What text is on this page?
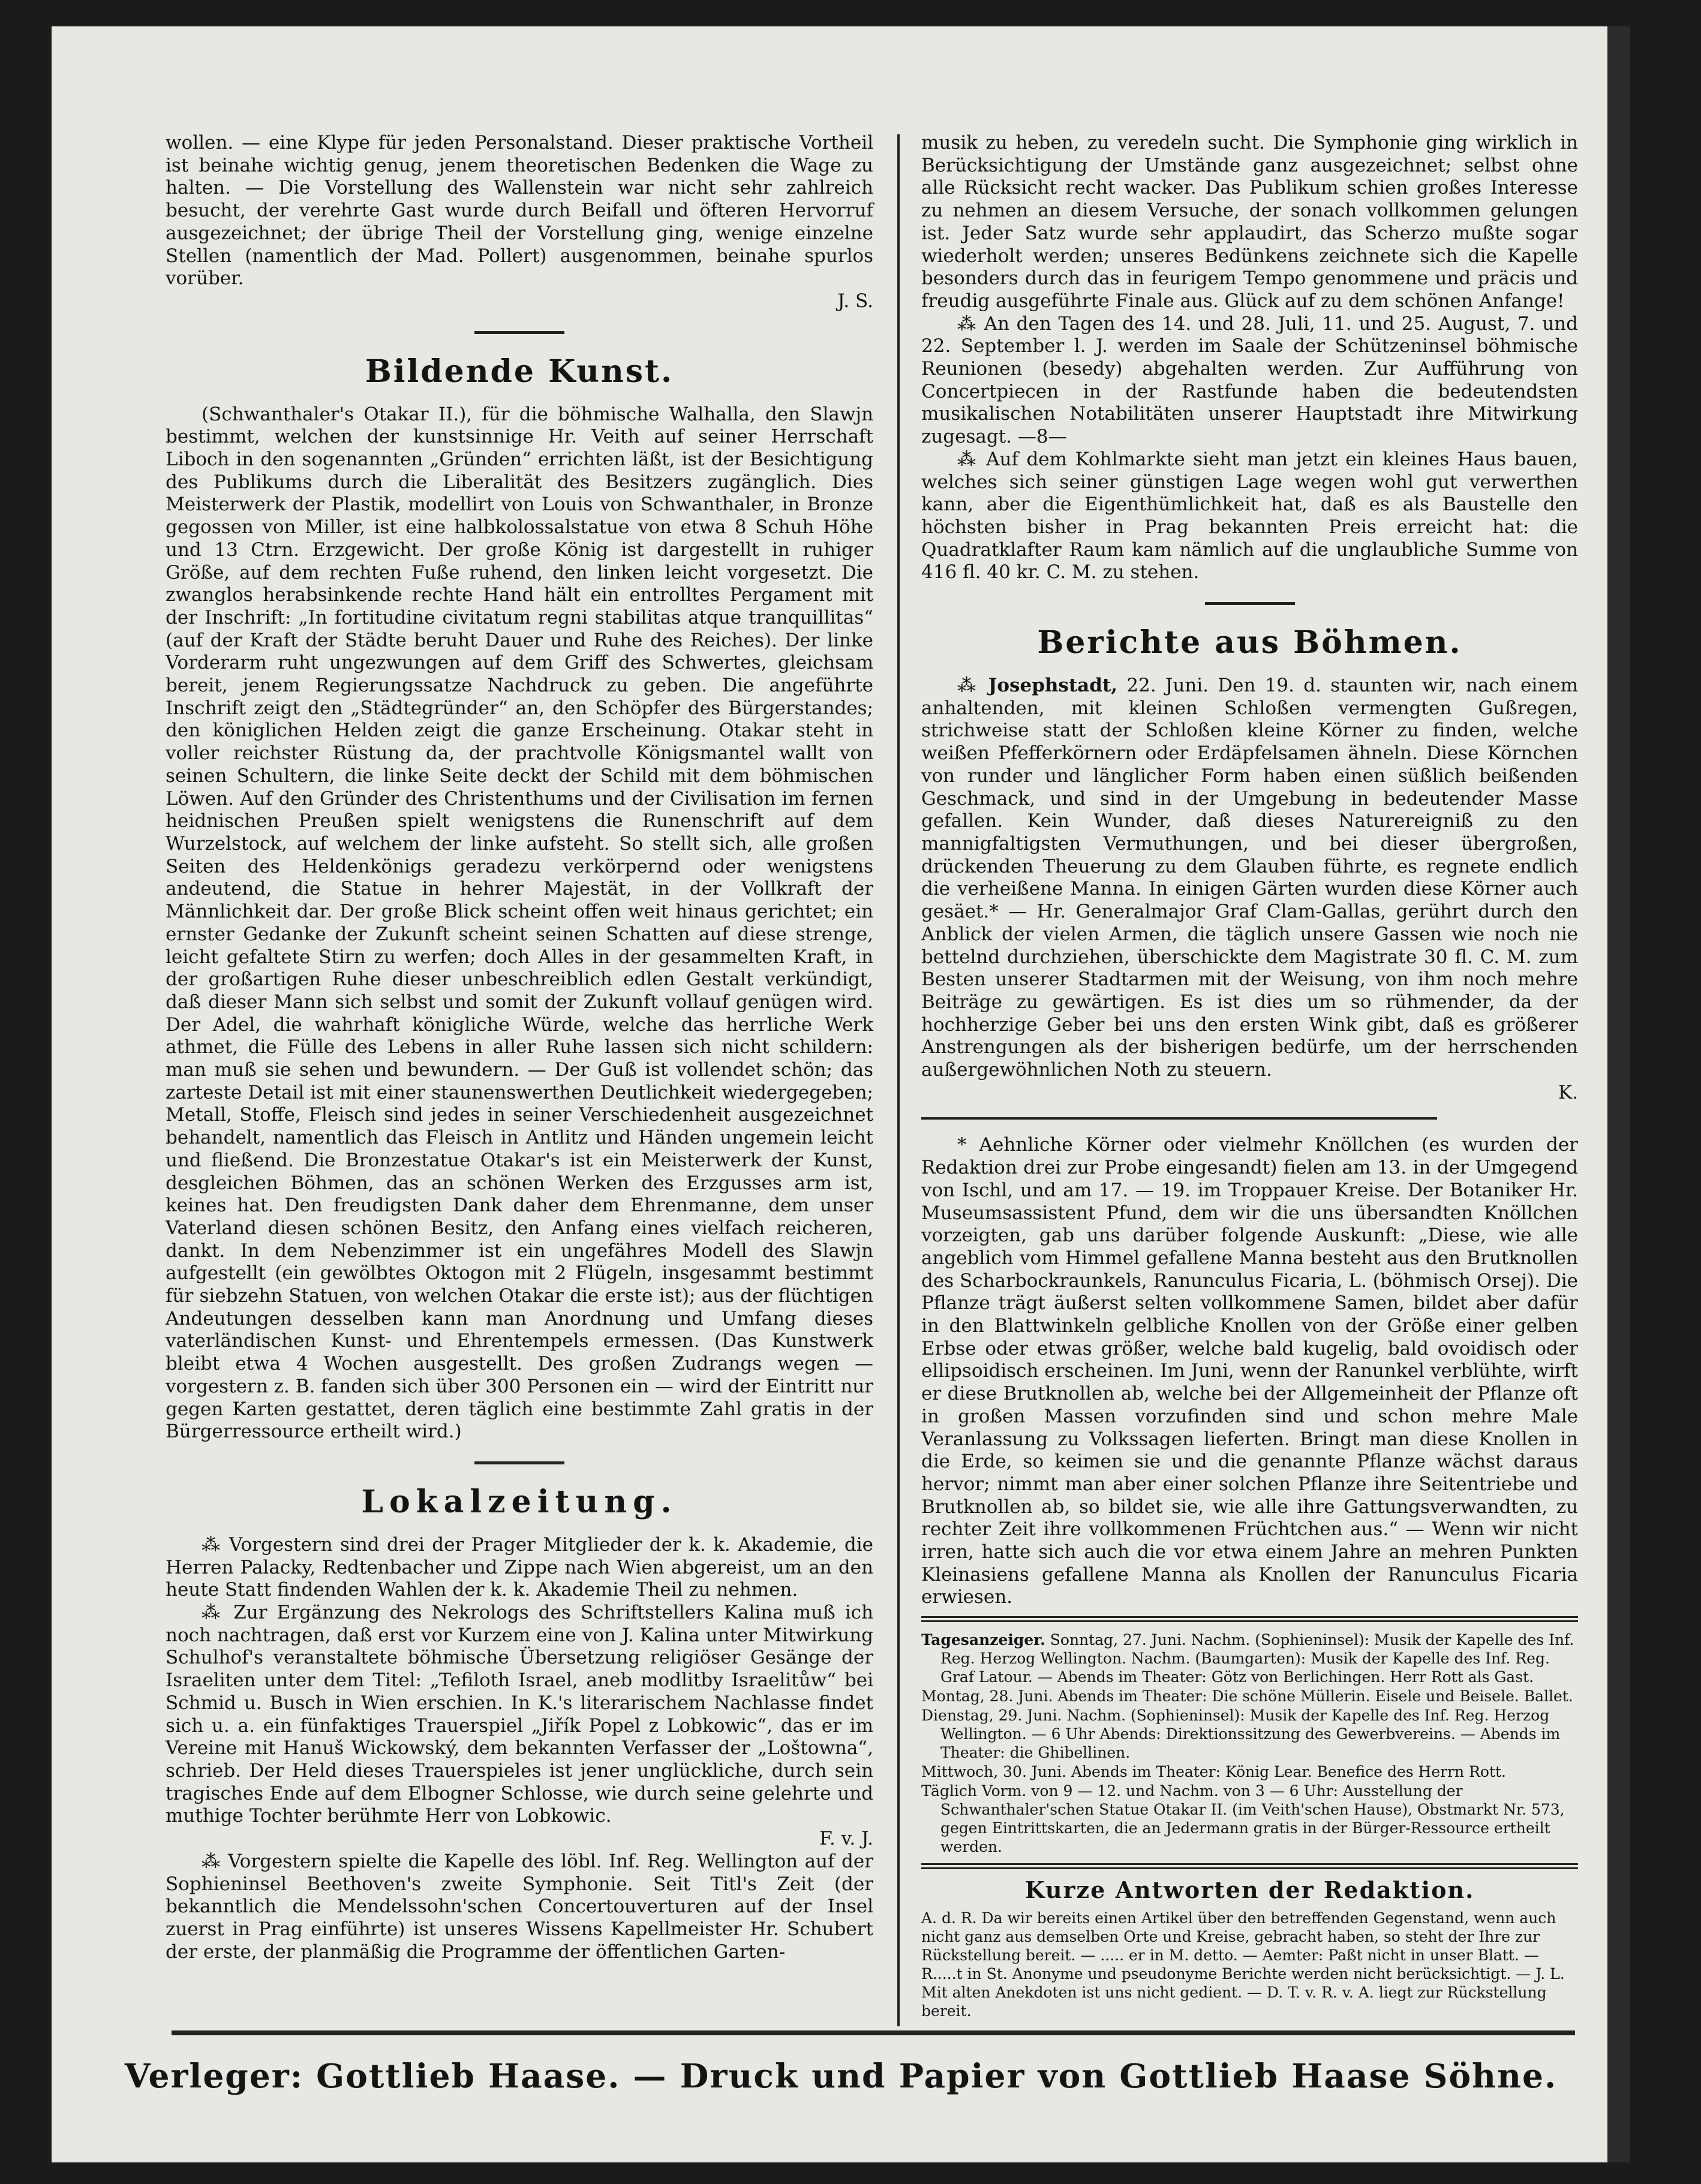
wollen. — eine Klype für jeden Personalstand. Dieser praktische Vortheil ist beinahe wichtig genug, jenem theoretischen Bedenken die Wage zu halten. — Die Vorstellung des Wallenstein war nicht sehr zahlreich besucht, der verehrte Gast wurde durch Beifall und öfteren Hervorruf ausgezeichnet; der übrige Theil der Vorstellung ging, wenige einzelne Stellen (namentlich der Mad. Pollert) ausgenommen, beinahe spurlos vorüber.

J. S.

Bildende Kunst.

(Schwanthaler's Otakar II.), für die böhmische Walhalla, den Slawjn bestimmt, welchen der kunstsinnige Hr. Veith auf seiner Herrschaft Liboch in den sogenannten „Gründen“ errichten läßt, ist der Besichtigung des Publikums durch die Liberalität des Besitzers zugänglich. Dies Meisterwerk der Plastik, modellirt von Louis von Schwanthaler, in Bronze gegossen von Miller, ist eine halbkolossalstatue von etwa 8 Schuh Höhe und 13 Ctrn. Erzgewicht. Der große König ist dargestellt in ruhiger Größe, auf dem rechten Fuße ruhend, den linken leicht vorgesetzt. Die zwanglos herabsinkende rechte Hand hält ein entrolltes Pergament mit der Inschrift: „In fortitudine civitatum regni stabilitas atque tranquillitas“ (auf der Kraft der Städte beruht Dauer und Ruhe des Reiches). Der linke Vorderarm ruht ungezwungen auf dem Griff des Schwertes, gleichsam bereit, jenem Regierungssatze Nachdruck zu geben. Die angeführte Inschrift zeigt den „Städtegründer“ an, den Schöpfer des Bürgerstandes; den königlichen Helden zeigt die ganze Erscheinung. Otakar steht in voller reichster Rüstung da, der prachtvolle Königsmantel wallt von seinen Schultern, die linke Seite deckt der Schild mit dem böhmischen Löwen. Auf den Gründer des Christenthums und der Civilisation im fernen heidnischen Preußen spielt wenigstens die Runenschrift auf dem Wurzelstock, auf welchem der linke aufsteht. So stellt sich, alle großen Seiten des Heldenkönigs geradezu verkörpernd oder wenigstens andeutend, die Statue in hehrer Majestät, in der Vollkraft der Männlichkeit dar. Der große Blick scheint offen weit hinaus gerichtet; ein ernster Gedanke der Zukunft scheint seinen Schatten auf diese strenge, leicht gefaltete Stirn zu werfen; doch Alles in der gesammelten Kraft, in der großartigen Ruhe dieser unbeschreiblich edlen Gestalt verkündigt, daß dieser Mann sich selbst und somit der Zukunft vollauf genügen wird. Der Adel, die wahrhaft königliche Würde, welche das herrliche Werk athmet, die Fülle des Lebens in aller Ruhe lassen sich nicht schildern: man muß sie sehen und bewundern. — Der Guß ist vollendet schön; das zarteste Detail ist mit einer staunenswerthen Deutlichkeit wiedergegeben; Metall, Stoffe, Fleisch sind jedes in seiner Verschiedenheit ausgezeichnet behandelt, namentlich das Fleisch in Antlitz und Händen ungemein leicht und fließend. Die Bronzestatue Otakar's ist ein Meisterwerk der Kunst, desgleichen Böhmen, das an schönen Werken des Erzgusses arm ist, keines hat. Den freudigsten Dank daher dem Ehrenmanne, dem unser Vaterland diesen schönen Besitz, den Anfang eines vielfach reicheren, dankt. In dem Nebenzimmer ist ein ungefähres Modell des Slawjn aufgestellt (ein gewölbtes Oktogon mit 2 Flügeln, insgesammt bestimmt für siebzehn Statuen, von welchen Otakar die erste ist); aus der flüchtigen Andeutungen desselben kann man Anordnung und Umfang dieses vaterländischen Kunst- und Ehrentempels ermessen. (Das Kunstwerk bleibt etwa 4 Wochen ausgestellt. Des großen Zudrangs wegen — vorgestern z. B. fanden sich über 300 Personen ein — wird der Eintritt nur gegen Karten gestattet, deren täglich eine bestimmte Zahl gratis in der Bürgerressource ertheilt wird.)

Lokalzeitung.

⁂ Vorgestern sind drei der Prager Mitglieder der k. k. Akademie, die Herren Palacky, Redtenbacher und Zippe nach Wien abgereist, um an den heute Statt findenden Wahlen der k. k. Akademie Theil zu nehmen.

⁂ Zur Ergänzung des Nekrologs des Schriftstellers Kalina muß ich noch nachtragen, daß erst vor Kurzem eine von J. Kalina unter Mitwirkung Schulhof's veranstaltete böhmische Übersetzung religiöser Gesänge der Israeliten unter dem Titel: „Tefiloth Israel, aneb modlitby Israelitůw“ bei Schmid u. Busch in Wien erschien. In K.'s literarischem Nachlasse findet sich u. a. ein fünfaktiges Trauerspiel „Jiřík Popel z Lobkowic“, das er im Vereine mit Hanuš Wickowský, dem bekannten Verfasser der „Loštowna“, schrieb. Der Held dieses Trauerspieles ist jener unglückliche, durch sein tragisches Ende auf dem Elbogner Schlosse, wie durch seine gelehrte und muthige Tochter berühmte Herr von Lobkowic.

F. v. J.

⁂ Vorgestern spielte die Kapelle des löbl. Inf. Reg. Wellington auf der Sophieninsel Beethoven's zweite Symphonie. Seit Titl's Zeit (der bekanntlich die Mendelssohn'schen Concertouverturen auf der Insel zuerst in Prag einführte) ist unseres Wissens Kapellmeister Hr. Schubert der erste, der planmäßig die Programme der öffentlichen Garten-

musik zu heben, zu veredeln sucht. Die Symphonie ging wirklich in Berücksichtigung der Umstände ganz ausgezeichnet; selbst ohne alle Rücksicht recht wacker. Das Publikum schien großes Interesse zu nehmen an diesem Versuche, der sonach vollkommen gelungen ist. Jeder Satz wurde sehr applaudirt, das Scherzo mußte sogar wiederholt werden; unseres Bedünkens zeichnete sich die Kapelle besonders durch das in feurigem Tempo genommene und präcis und freudig ausgeführte Finale aus. Glück auf zu dem schönen Anfange!

⁂ An den Tagen des 14. und 28. Juli, 11. und 25. August, 7. und 22. September l. J. werden im Saale der Schützeninsel böhmische Reunionen (besedy) abgehalten werden. Zur Aufführung von Concertpiecen in der Rastfunde haben die bedeutendsten musikalischen Notabilitäten unserer Hauptstadt ihre Mitwirkung zugesagt. —8—

⁂ Auf dem Kohlmarkte sieht man jetzt ein kleines Haus bauen, welches sich seiner günstigen Lage wegen wohl gut verwerthen kann, aber die Eigenthümlichkeit hat, daß es als Baustelle den höchsten bisher in Prag bekannten Preis erreicht hat: die Quadratklafter Raum kam nämlich auf die unglaubliche Summe von 416 fl. 40 kr. C. M. zu stehen.

Berichte aus Böhmen.

⁂ Josephstadt, 22. Juni. Den 19. d. staunten wir, nach einem anhaltenden, mit kleinen Schloßen vermengten Gußregen, strichweise statt der Schloßen kleine Körner zu finden, welche weißen Pfefferkörnern oder Erdäpfelsamen ähneln. Diese Körnchen von runder und länglicher Form haben einen süßlich beißenden Geschmack, und sind in der Umgebung in bedeutender Masse gefallen. Kein Wunder, daß dieses Naturereigniß zu den mannigfaltigsten Vermuthungen, und bei dieser übergroßen, drückenden Theuerung zu dem Glauben führte, es regnete endlich die verheißene Manna. In einigen Gärten wurden diese Körner auch gesäet.* — Hr. Generalmajor Graf Clam-Gallas, gerührt durch den Anblick der vielen Armen, die täglich unsere Gassen wie noch nie bettelnd durchziehen, überschickte dem Magistrate 30 fl. C. M. zum Besten unserer Stadtarmen mit der Weisung, von ihm noch mehre Beiträge zu gewärtigen. Es ist dies um so rühmender, da der hochherzige Geber bei uns den ersten Wink gibt, daß es größerer Anstrengungen als der bisherigen bedürfe, um der herrschenden außergewöhnlichen Noth zu steuern.

K.

* Aehnliche Körner oder vielmehr Knöllchen (es wurden der Redaktion drei zur Probe eingesandt) fielen am 13. in der Umgegend von Ischl, und am 17. — 19. im Troppauer Kreise. Der Botaniker Hr. Museumsassistent Pfund, dem wir die uns übersandten Knöllchen vorzeigten, gab uns darüber folgende Auskunft: „Diese, wie alle angeblich vom Himmel gefallene Manna besteht aus den Brutknollen des Scharbockraunkels, Ranunculus Ficaria, L. (böhmisch Orsej). Die Pflanze trägt äußerst selten vollkommene Samen, bildet aber dafür in den Blattwinkeln gelbliche Knollen von der Größe einer gelben Erbse oder etwas größer, welche bald kugelig, bald ovoidisch oder ellipsoidisch erscheinen. Im Juni, wenn der Ranunkel verblühte, wirft er diese Brutknollen ab, welche bei der Allgemeinheit der Pflanze oft in großen Massen vorzufinden sind und schon mehre Male Veranlassung zu Volkssagen lieferten. Bringt man diese Knollen in die Erde, so keimen sie und die genannte Pflanze wächst daraus hervor; nimmt man aber einer solchen Pflanze ihre Seitentriebe und Brutknollen ab, so bildet sie, wie alle ihre Gattungsverwandten, zu rechter Zeit ihre vollkommenen Früchtchen aus.“ — Wenn wir nicht irren, hatte sich auch die vor etwa einem Jahre an mehren Punkten Kleinasiens gefallene Manna als Knollen der Ranunculus Ficaria erwiesen.

Tagesanzeiger. Sonntag, 27. Juni. Nachm. (Sophieninsel): Musik der Kapelle des Inf. Reg. Herzog Wellington. Nachm. (Baumgarten): Musik der Kapelle des Inf. Reg. Graf Latour. — Abends im Theater: Götz von Berlichingen. Herr Rott als Gast.

Montag, 28. Juni. Abends im Theater: Die schöne Müllerin. Eisele und Beisele. Ballet.

Dienstag, 29. Juni. Nachm. (Sophieninsel): Musik der Kapelle des Inf. Reg. Herzog Wellington. — 6 Uhr Abends: Direktionssitzung des Gewerbvereins. — Abends im Theater: die Ghibellinen.

Mittwoch, 30. Juni. Abends im Theater: König Lear. Benefice des Herrn Rott.

Täglich Vorm. von 9 — 12. und Nachm. von 3 — 6 Uhr: Ausstellung der Schwanthaler'schen Statue Otakar II. (im Veith'schen Hause), Obstmarkt Nr. 573, gegen Eintrittskarten, die an Jedermann gratis in der Bürger-Ressource ertheilt werden.

Kurze Antworten der Redaktion.

A. d. R. Da wir bereits einen Artikel über den betreffenden Gegenstand, wenn auch nicht ganz aus demselben Orte und Kreise, gebracht haben, so steht der Ihre zur Rückstellung bereit. — ..... er in M. detto. — Aemter: Paßt nicht in unser Blatt. — R.....t in St. Anonyme und pseudonyme Berichte werden nicht berücksichtigt. — J. L. Mit alten Anekdoten ist uns nicht gedient. — D. T. v. R. v. A. liegt zur Rückstellung bereit.

Verleger: Gottlieb Haase. — Druck und Papier von Gottlieb Haase Söhne.
